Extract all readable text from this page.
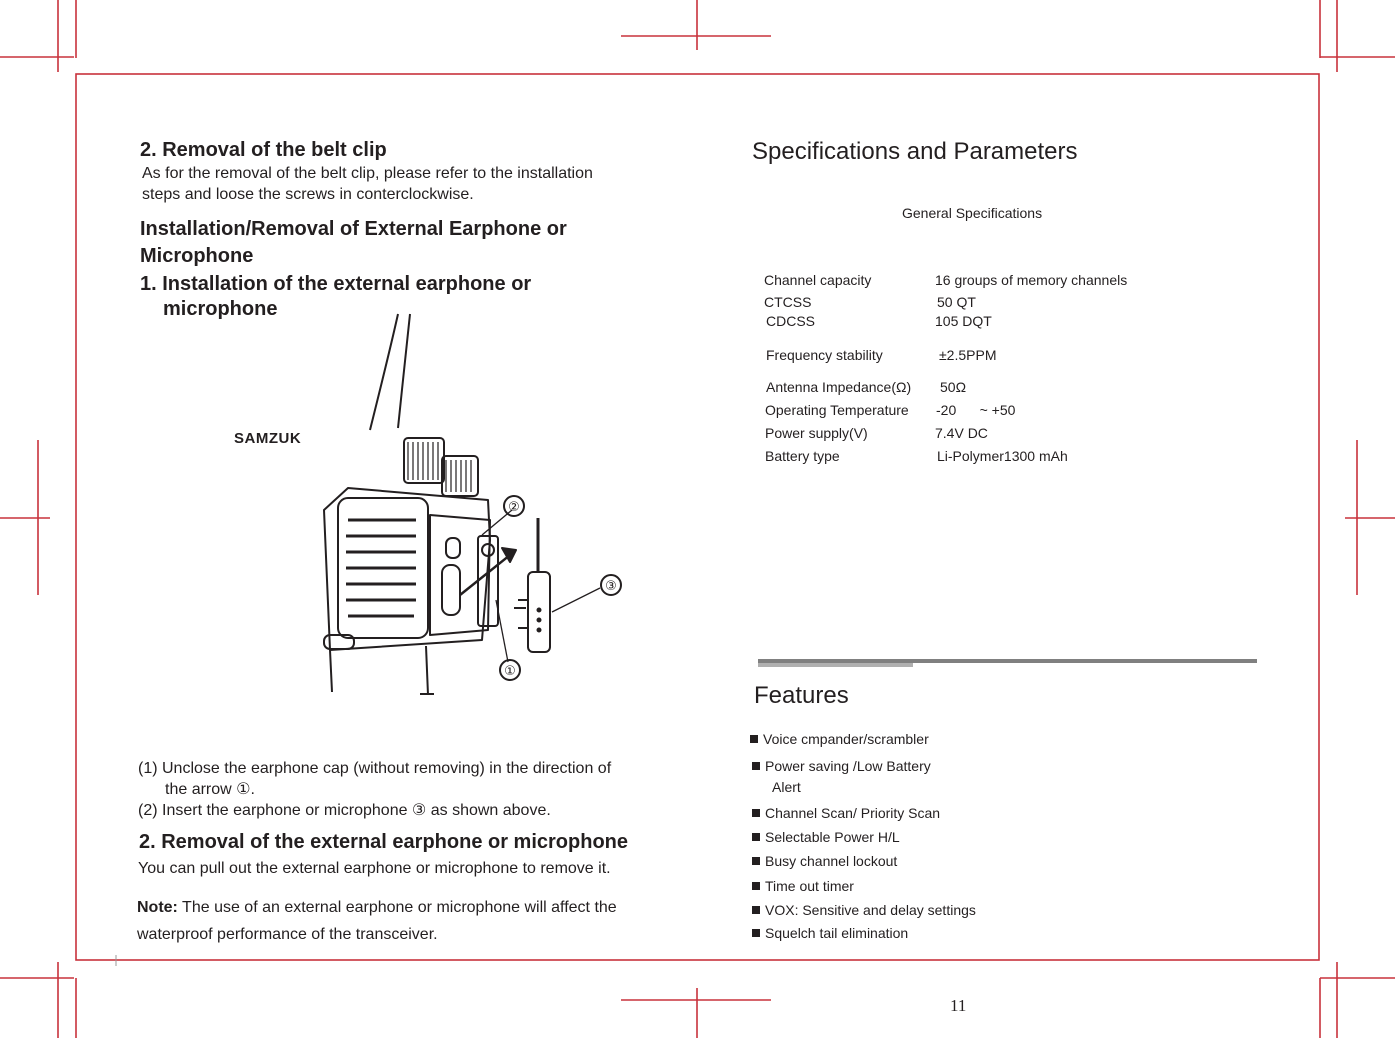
2. Removal of the belt clip
As for the removal of the belt clip, please refer to the installation
steps and loose the screws in conterclockwise.
Installation/Removal of External Earphone or
Microphone
1. Installation of the external earphone or
microphone
SAMZUK
②
③
①
(1) Unclose the earphone cap (without removing) in the direction of
the arrow ①.
(2) Insert the earphone or microphone ③ as shown above.
2. Removal of the external earphone or microphone
You can pull out the external earphone or microphone to remove it.
Note: The use of an external earphone or microphone will affect the
waterproof performance of the transceiver.
Specifications and Parameters
General Specifications
Channel capacity	16 groups of memory channels
CTCSS	50 QT
CDCSS	105 DQT
Frequency stability	±2.5PPM
Antenna Impedance(Ω) 50Ω
Operating Temperature -20      ~ +50
Power supply(V)	7.4V DC
Battery type	Li-Polymer1300 mAh
Features
Voice cmpander/scrambler
Power saving /Low Battery
Alert
Channel Scan/ Priority Scan
Selectable Power H/L
Busy channel lockout
Time out timer
VOX: Sensitive and delay settings
Squelch tail elimination
11
